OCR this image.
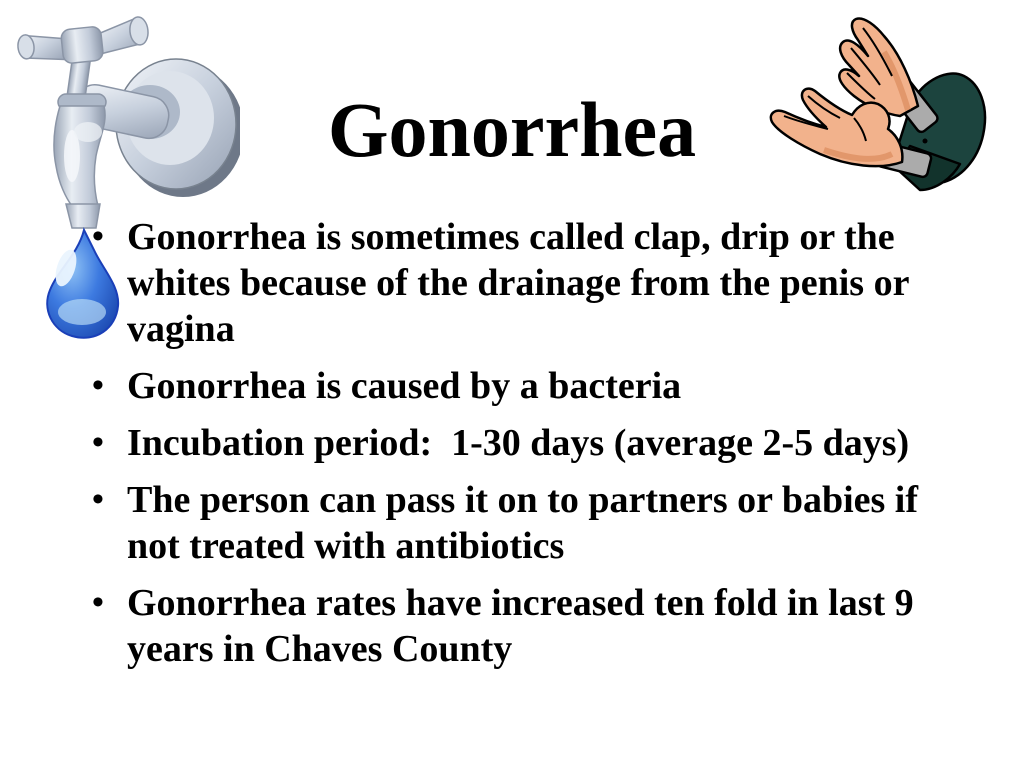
Gonorrhea
• Gonorrhea is sometimes called clap, drip or the
whites because of the drainage from the penis or
vagina
• Gonorrhea is caused by a bacteria
• Incubation period:  1-30 days (average 2-5 days)
• The person can pass it on to partners or babies if
not treated with antibiotics
• Gonorrhea rates have increased ten fold in last 9
years in Chaves County
